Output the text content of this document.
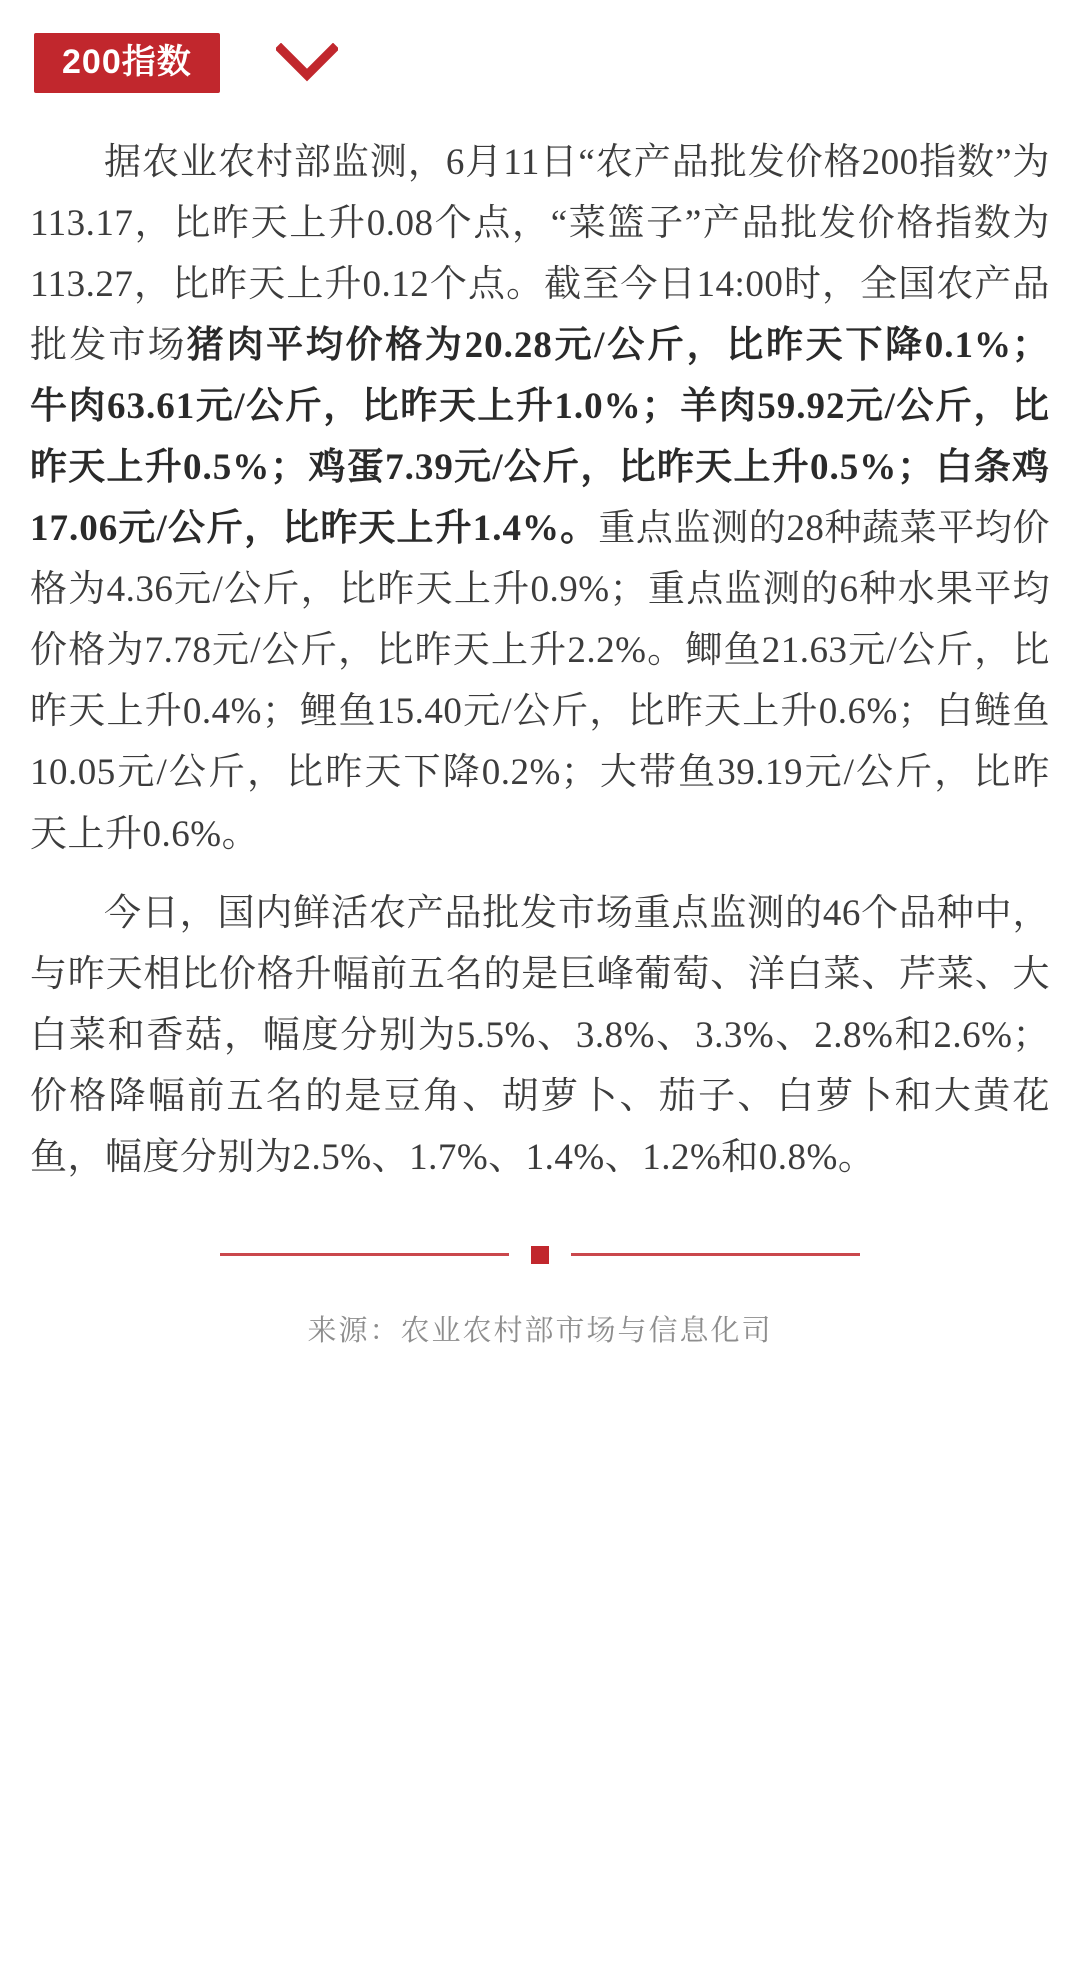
200指数

据农业农村部监测，6月11日“农产品批发价格200指数”为113.17，比昨天上升0.08个点，“菜篮子”产品批发价格指数为113.27，比昨天上升0.12个点。截至今日14:00时，全国农产品批发市场猪肉平均价格为20.28元/公斤，比昨天下降0.1%；牛肉63.61元/公斤，比昨天上升1.0%；羊肉59.92元/公斤，比昨天上升0.5%；鸡蛋7.39元/公斤，比昨天上升0.5%；白条鸡17.06元/公斤，比昨天上升1.4%。重点监测的28种蔬菜平均价格为4.36元/公斤，比昨天上升0.9%；重点监测的6种水果平均价格为7.78元/公斤，比昨天上升2.2%。鲫鱼21.63元/公斤，比昨天上升0.4%；鲤鱼15.40元/公斤，比昨天上升0.6%；白鲢鱼10.05元/公斤，比昨天下降0.2%；大带鱼39.19元/公斤，比昨天上升0.6%。

今日，国内鲜活农产品批发市场重点监测的46个品种中，与昨天相比价格升幅前五名的是巨峰葡萄、洋白菜、芹菜、大白菜和香菇，幅度分别为5.5%、3.8%、3.3%、2.8%和2.6%；价格降幅前五名的是豆角、胡萝卜、茄子、白萝卜和大黄花鱼，幅度分别为2.5%、1.7%、1.4%、1.2%和0.8%。

来源：农业农村部市场与信息化司
